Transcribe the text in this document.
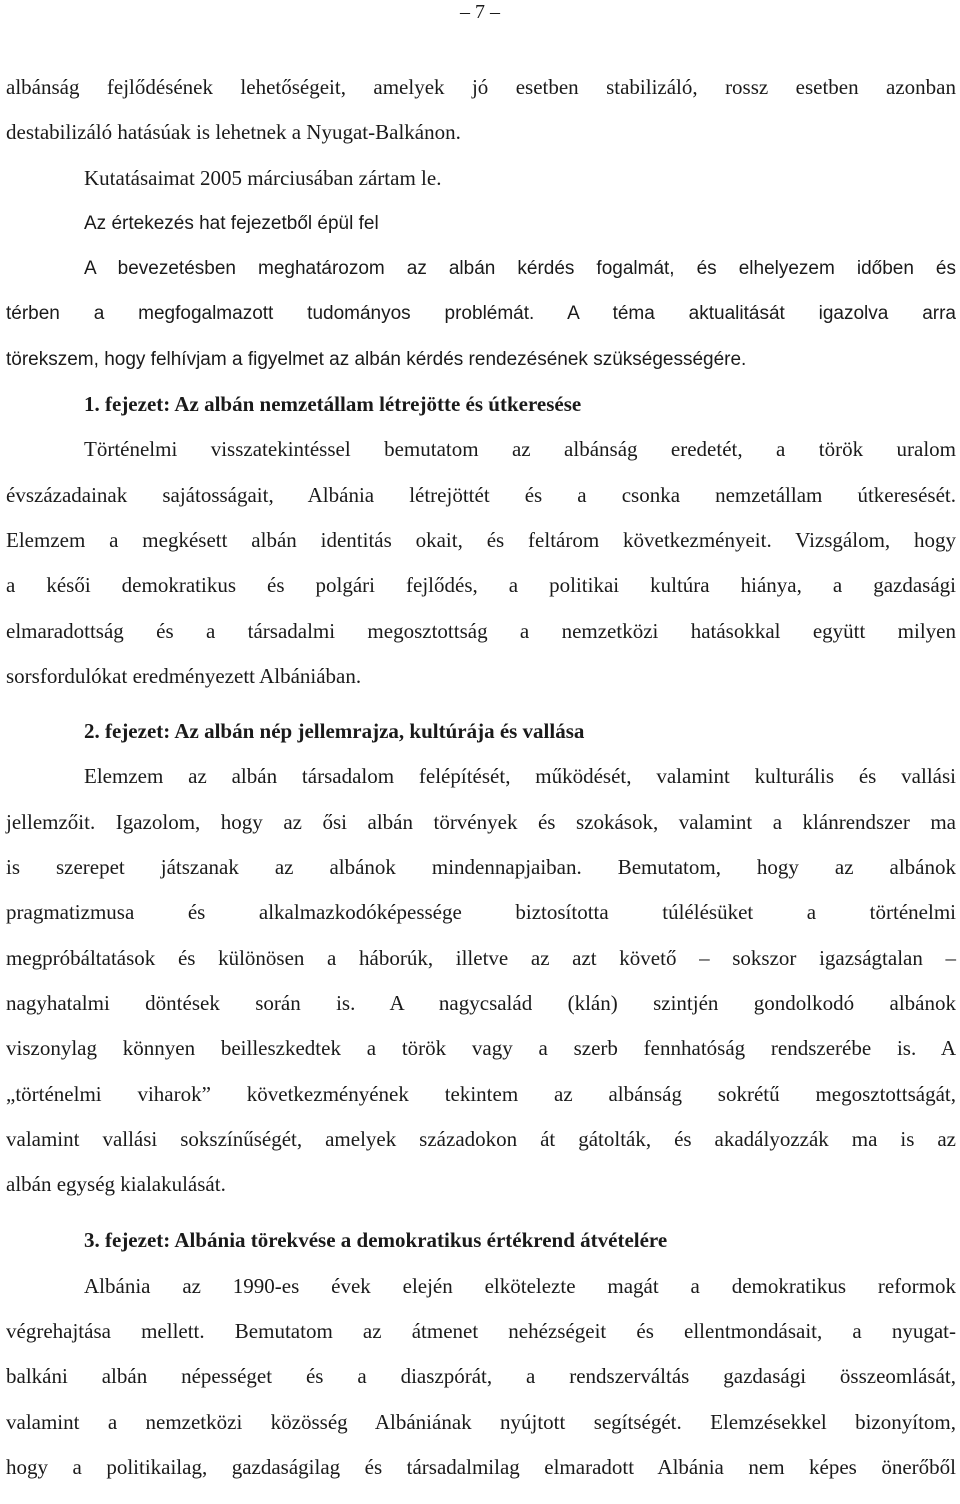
– 7 –
albánság fejlődésének lehetőségeit, amelyek jó esetben stabilizáló, rossz esetben azonban
destabilizáló hatásúak is lehetnek a Nyugat-Balkánon.
Kutatásaimat 2005 márciusában zártam le.
Az értekezés hat fejezetből épül fel
A bevezetésben meghatározom az albán kérdés fogalmát, és elhelyezem időben és
térben a megfogalmazott tudományos problémát. A téma aktualitását igazolva arra
törekszem, hogy felhívjam a figyelmet az albán kérdés rendezésének szükségességére.
1. fejezet: Az albán nemzetállam létrejötte és útkeresése
Történelmi visszatekintéssel bemutatom az albánság eredetét, a török uralom
évszázadainak sajátosságait, Albánia létrejöttét és a csonka nemzetállam útkeresését.
Elemzem a megkésett albán identitás okait, és feltárom következményeit. Vizsgálom, hogy
a késői demokratikus és polgári fejlődés, a politikai kultúra hiánya, a gazdasági
elmaradottság és a társadalmi megosztottság a nemzetközi hatásokkal együtt milyen
sorsfordulókat eredményezett Albániában.
2. fejezet: Az albán nép jellemrajza, kultúrája és vallása
Elemzem az albán társadalom felépítését, működését, valamint kulturális és vallási
jellemzőit. Igazolom, hogy az ősi albán törvények és szokások, valamint a klánrendszer ma
is szerepet játszanak az albánok mindennapjaiban. Bemutatom, hogy az albánok
pragmatizmusa és alkalmazkodóképessége biztosította túlélésüket a történelmi
megpróbáltatások és különösen a háborúk, illetve az azt követő – sokszor igazságtalan –
nagyhatalmi döntések során is. A nagycsalád (klán) szintjén gondolkodó albánok
viszonylag könnyen beilleszkedtek a török vagy a szerb fennhatóság rendszerébe is. A
„történelmi viharok” következményének tekintem az albánság sokrétű megosztottságát,
valamint vallási sokszínűségét, amelyek századokon át gátolták, és akadályozzák ma is az
albán egység kialakulását.
3. fejezet: Albánia törekvése a demokratikus értékrend átvételére
Albánia az 1990-es évek elején elkötelezte magát a demokratikus reformok
végrehajtása mellett. Bemutatom az átmenet nehézségeit és ellentmondásait, a nyugat-
balkáni albán népességet és a diaszpórát, a rendszerváltás gazdasági összeomlását,
valamint a nemzetközi közösség Albániának nyújtott segítségét. Elemzésekkel bizonyítom,
hogy a politikailag, gazdaságilag és társadalmilag elmaradott Albánia nem képes önerőből
